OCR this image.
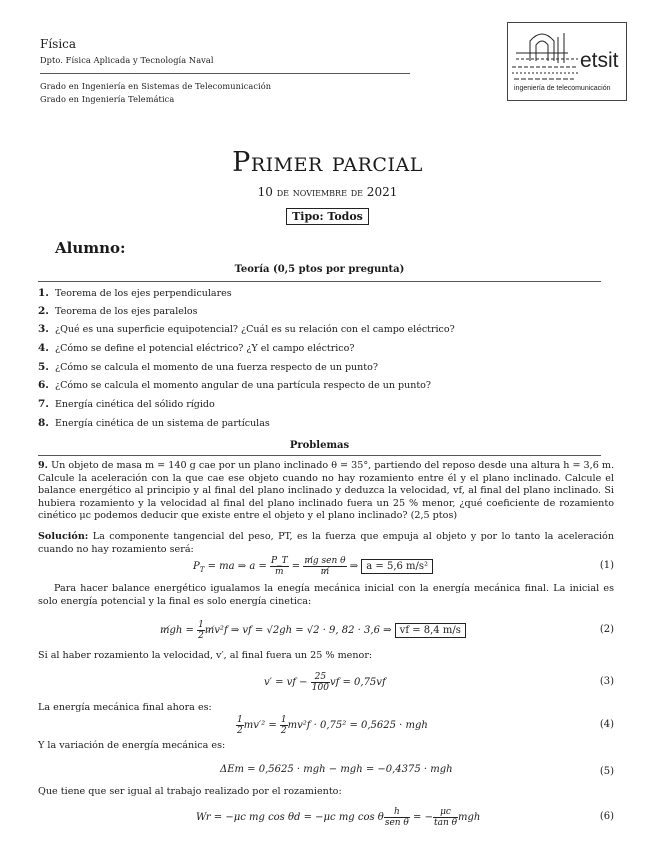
Física
Dpto. Física Aplicada y Tecnología Naval
Grado en Ingeniería en Sistemas de Telecomunicación
Grado en Ingeniería Telemática
etsit
ingeniería de telecomunicación
Primer parcial
10 de noviembre de 2021
Tipo: Todos
Alumno:
Teoría (0,5 ptos por pregunta)
1. Teorema de los ejes perpendiculares
2. Teorema de los ejes paralelos
3. ¿Qué es una superficie equipotencial? ¿Cuál es su relación con el campo eléctrico?
4. ¿Cómo se define el potencial eléctrico? ¿Y el campo eléctrico?
5. ¿Cómo se calcula el momento de una fuerza respecto de un punto?
6. ¿Cómo se calcula el momento angular de una partícula respecto de un punto?
7. Energía cinética del sólido rígido
8. Energía cinética de un sistema de partículas
Problemas
9. Un objeto de masa m = 140 g cae por un plano inclinado θ = 35°, partiendo del reposo desde una altura h = 3,6 m. Calcule la aceleración con la que cae ese objeto cuando no hay rozamiento entre él y el plano inclinado. Calcule el balance energético al principio y al final del plano inclinado y deduzca la velocidad, vf, al final del plano inclinado. Si hubiera rozamiento y la velocidad al final del plano inclinado fuera un 25 % menor, ¿qué coeficiente de rozamiento cinético μc podemos deducir que existe entre el objeto y el plano inclinado? (2,5 ptos)
Solución: La componente tangencial del peso, PT, es la fuerza que empuja al objeto y por lo tanto la aceleración cuando no hay rozamiento será:
$P_T$ = ma ⇒ $a = \frac{P\_T}{m} = \frac{\text{m̸g sen θ}}{m̸}$ ⇒ a = 5,6 m/s²	(1)
Para hacer balance energético igualamos la enegía mecánica inicial con la energía mecánica final. La inicial es solo energía potencial y la final es solo energía cinetica:
m̸gh = $\frac{1}{2}$ m̸v²f ⇒ vf = √2gh = √2 · 9, 82 · 3,6 ⇒ vf = 8,4 m/s	(2)
Si al haber rozamiento la velocidad, v′, al final fuera un 25 % menor:
v′ = vf − $\frac{25}{100}$ vf = 0,75vf	(3)
La energía mecánica final ahora es:
$\frac{1}{2} mv'^2 = \frac{1}{2} mv^2f \cdot 0,75^2 = 0,5625$ · mgh	(4)
Y la variación de energía mecánica es:
ΔEm = 0,5625 · mgh − mgh = −0,4375 · mgh	(5)
Que tiene que ser igual al trabajo realizado por el rozamiento:
Wr = −μc mg cos θd = −μc mg cos θ $\frac{h}{\text{sen θ}}$ = − $\frac{\mu c}{\text{tan θ}}$ mgh	(6)
